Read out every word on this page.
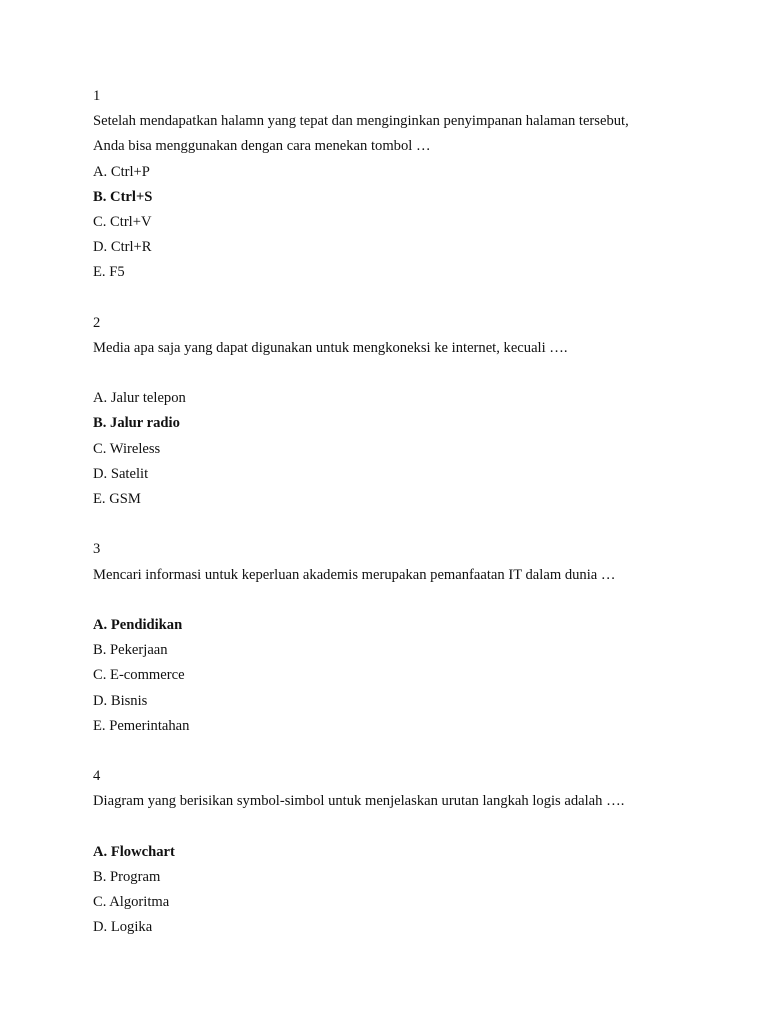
1
Setelah mendapatkan halamn yang tepat dan menginginkan penyimpanan halaman tersebut,
Anda bisa menggunakan dengan cara menekan tombol …
A. Ctrl+P
B. Ctrl+S
C. Ctrl+V
D. Ctrl+R
E. F5
2
Media apa saja yang dapat digunakan untuk mengkoneksi ke internet, kecuali ….
A. Jalur telepon
B. Jalur radio
C. Wireless
D. Satelit
E. GSM
3
Mencari informasi untuk keperluan akademis merupakan pemanfaatan IT dalam dunia …
A. Pendidikan
B. Pekerjaan
C. E-commerce
D. Bisnis
E. Pemerintahan
4
Diagram yang berisikan symbol-simbol untuk menjelaskan urutan langkah logis adalah ….
A. Flowchart
B. Program
C. Algoritma
D. Logika
